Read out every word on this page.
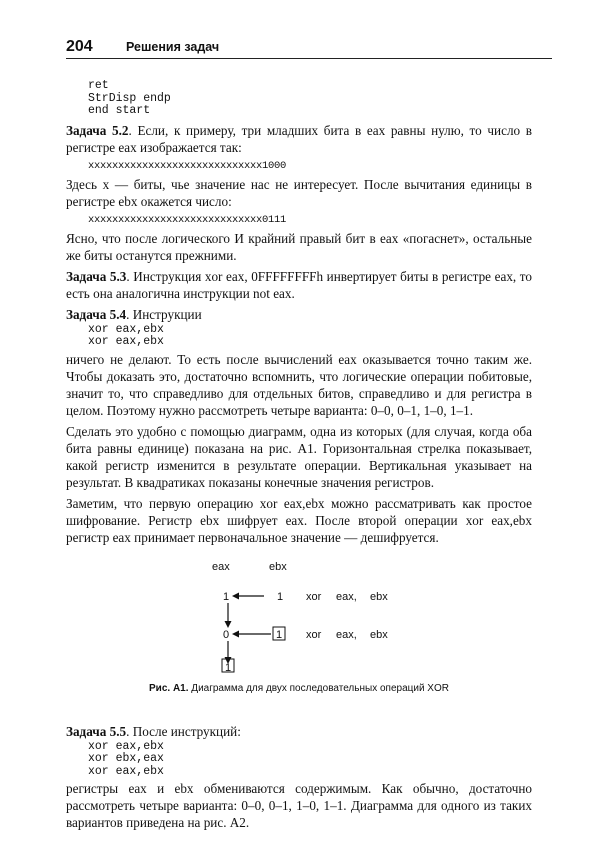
204	Решения задач
ret
StrDisp endp
end start

Задача 5.2. Если, к примеру, три младших бита в eax равны нулю, то число в регистре eax изображается так:

xxxxxxxxxxxxxxxxxxxxxxxxxxxxx1000

Здесь x — биты, чье значение нас не интересует. После вычитания единицы в регистре ebx окажется число:

xxxxxxxxxxxxxxxxxxxxxxxxxxxxx0111

Ясно, что после логического И крайний правый бит в eax «погаснет», остальные же биты останутся прежними.

Задача 5.3. Инструкция xor eax, 0FFFFFFFFh инвертирует биты в регистре eax, то есть она аналогична инструкции not eax.

Задача 5.4. Инструкции

xor eax,ebx
xor eax,ebx

ничего не делают. То есть после вычислений eax оказывается точно таким же. Чтобы доказать это, достаточно вспомнить, что логические операции побитовые, значит то, что справедливо для отдельных битов, справедливо и для регистра в целом. Поэтому нужно рассмотреть четыре варианта: 0–0, 0–1, 1–0, 1–1.

Сделать это удобно с помощью диаграмм, одна из которых (для случая, когда оба бита равны единице) показана на рис. А1. Горизонтальная стрелка показывает, какой регистр изменится в результате операции. Вертикальная указывает на результат. В квадратиках показаны конечные значения регистров.

Заметим, что первую операцию xor eax,ebx можно рассматривать как простое шифрование. Регистр ebx шифрует eax. После второй операции xor eax,ebx регистр eax принимает первоначальное значение — дешифруется.

eax	ebx
1	1 xor eax, ebx
0	1 xor eax, ebx
1
Рис. А1. Диаграмма для двух последовательных операций XOR

Задача 5.5. После инструкций:

xor eax,ebx
xor ebx,eax
xor eax,ebx

регистры eax и ebx обмениваются содержимым. Как обычно, достаточно рассмотреть четыре варианта: 0–0, 0–1, 1–0, 1–1. Диаграмма для одного из таких вариантов приведена на рис. А2.
